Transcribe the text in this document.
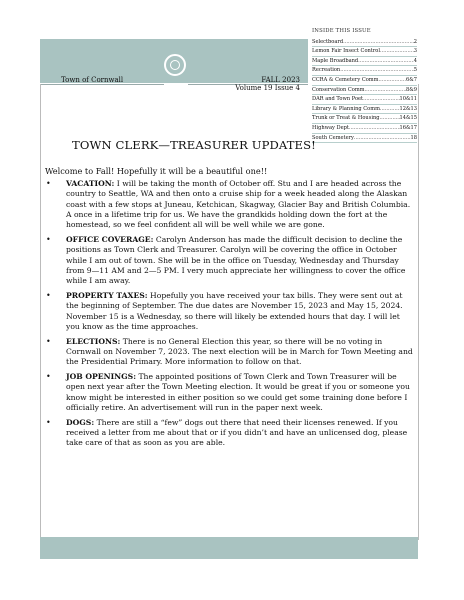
Town of Cornwall	FALL 2023
Volume 19 Issue 4
INSIDE THIS ISSUE
Selectboard .....	2
Lemon Fair Insect Control .....	3
Maple Broadband .....	4
Recreation .....	5
CCRA & Cemetery Comm .....	6&7
Conservation Comm .....	8&9
DAR and Town Poet .....	10&11
Library & Planning Comm .....	12&13
Trunk or Treat & Housing .....	14&15
Highway Dept .....	16&17
South Cemetery .....	18
TOWN CLERK—TREASURER UPDATES!
Welcome to Fall! Hopefully it will be a beautiful one!!
• VACATION: I will be taking the month of October off. Stu and I are headed across the country to Seattle, WA and then onto a cruise ship for a week headed along the Alaskan coast with a few stops at Juneau, Ketchican, Skagway, Glacier Bay and British Columbia. A once in a lifetime trip for us. We have the grandkids holding down the fort at the homestead, so we feel confident all will be well while we are gone.
• OFFICE COVERAGE: Carolyn Anderson has made the difficult decision to decline the positions as Town Clerk and Treasurer. Carolyn will be covering the office in October while I am out of town. She will be in the office on Tuesday, Wednesday and Thursday from 9—11 AM and 2—5 PM. I very much appreciate her willingness to cover the office while I am away.
• PROPERTY TAXES: Hopefully you have received your tax bills. They were sent out at the beginning of September. The due dates are November 15, 2023 and May 15, 2024. November 15 is a Wednesday, so there will likely be extended hours that day. I will let you know as the time approaches.
• ELECTIONS: There is no General Election this year, so there will be no voting in Cornwall on November 7, 2023. The next election will be in March for Town Meeting and the Presidential Primary. More information to follow on that.
• JOB OPENINGS: The appointed positions of Town Clerk and Town Treasurer will be open next year after the Town Meeting election. It would be great if you or someone you know might be interested in either position so we could get some training done before I officially retire. An advertisement will run in the paper next week.
• DOGS: There are still a “few” dogs out there that need their licenses renewed. If you received a letter from me about that or if you didn’t and have an unlicensed dog, please take care of that as soon as you are able.
